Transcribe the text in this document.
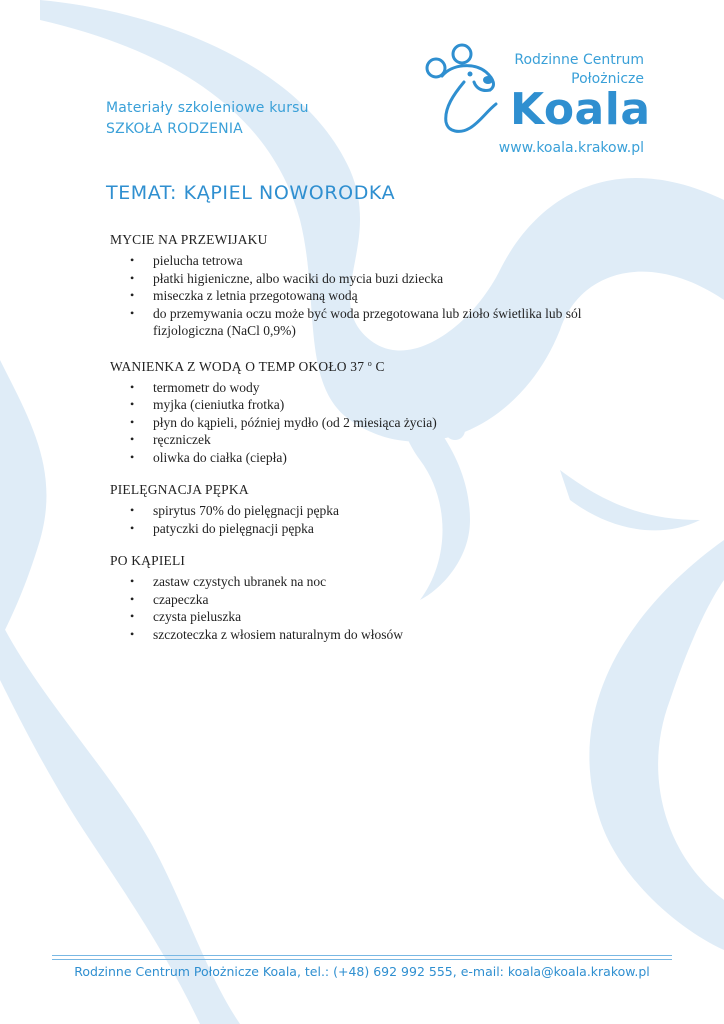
Materiały szkoleniowe kursu
SZKOŁA RODZENIA
Rodzinne Centrum
Położnicze
Koala
www.koala.krakow.pl
TEMAT: KĄPIEL NOWORODKA
MYCIE NA PRZEWIJAKU
• pielucha tetrowa
• płatki higieniczne, albo waciki do mycia buzi dziecka
• miseczka z letnia przegotowaną wodą
• do przemywania oczu może być woda przegotowana lub zioło świetlika lub sól fizjologiczna (NaCl 0,9%)
WANIENKA Z WODĄ O TEMP OKOŁO 37 $^o$ C
• termometr do wody
• myjka (cieniutka frotka)
• płyn do kąpieli, później mydło (od 2 miesiąca życia)
• ręczniczek
• oliwka do ciałka (ciepła)
PIELĘGNACJA PĘPKA
• spirytus 70% do pielęgnacji pępka
• patyczki do pielęgnacji pępka
PO KĄPIELI
• zastaw czystych ubranek na noc
• czapeczka
• czysta pieluszka
• szczoteczka z włosiem naturalnym do włosów
Rodzinne Centrum Położnicze Koala, tel.: (+48) 692 992 555, e-mail: koala@koala.krakow.pl
